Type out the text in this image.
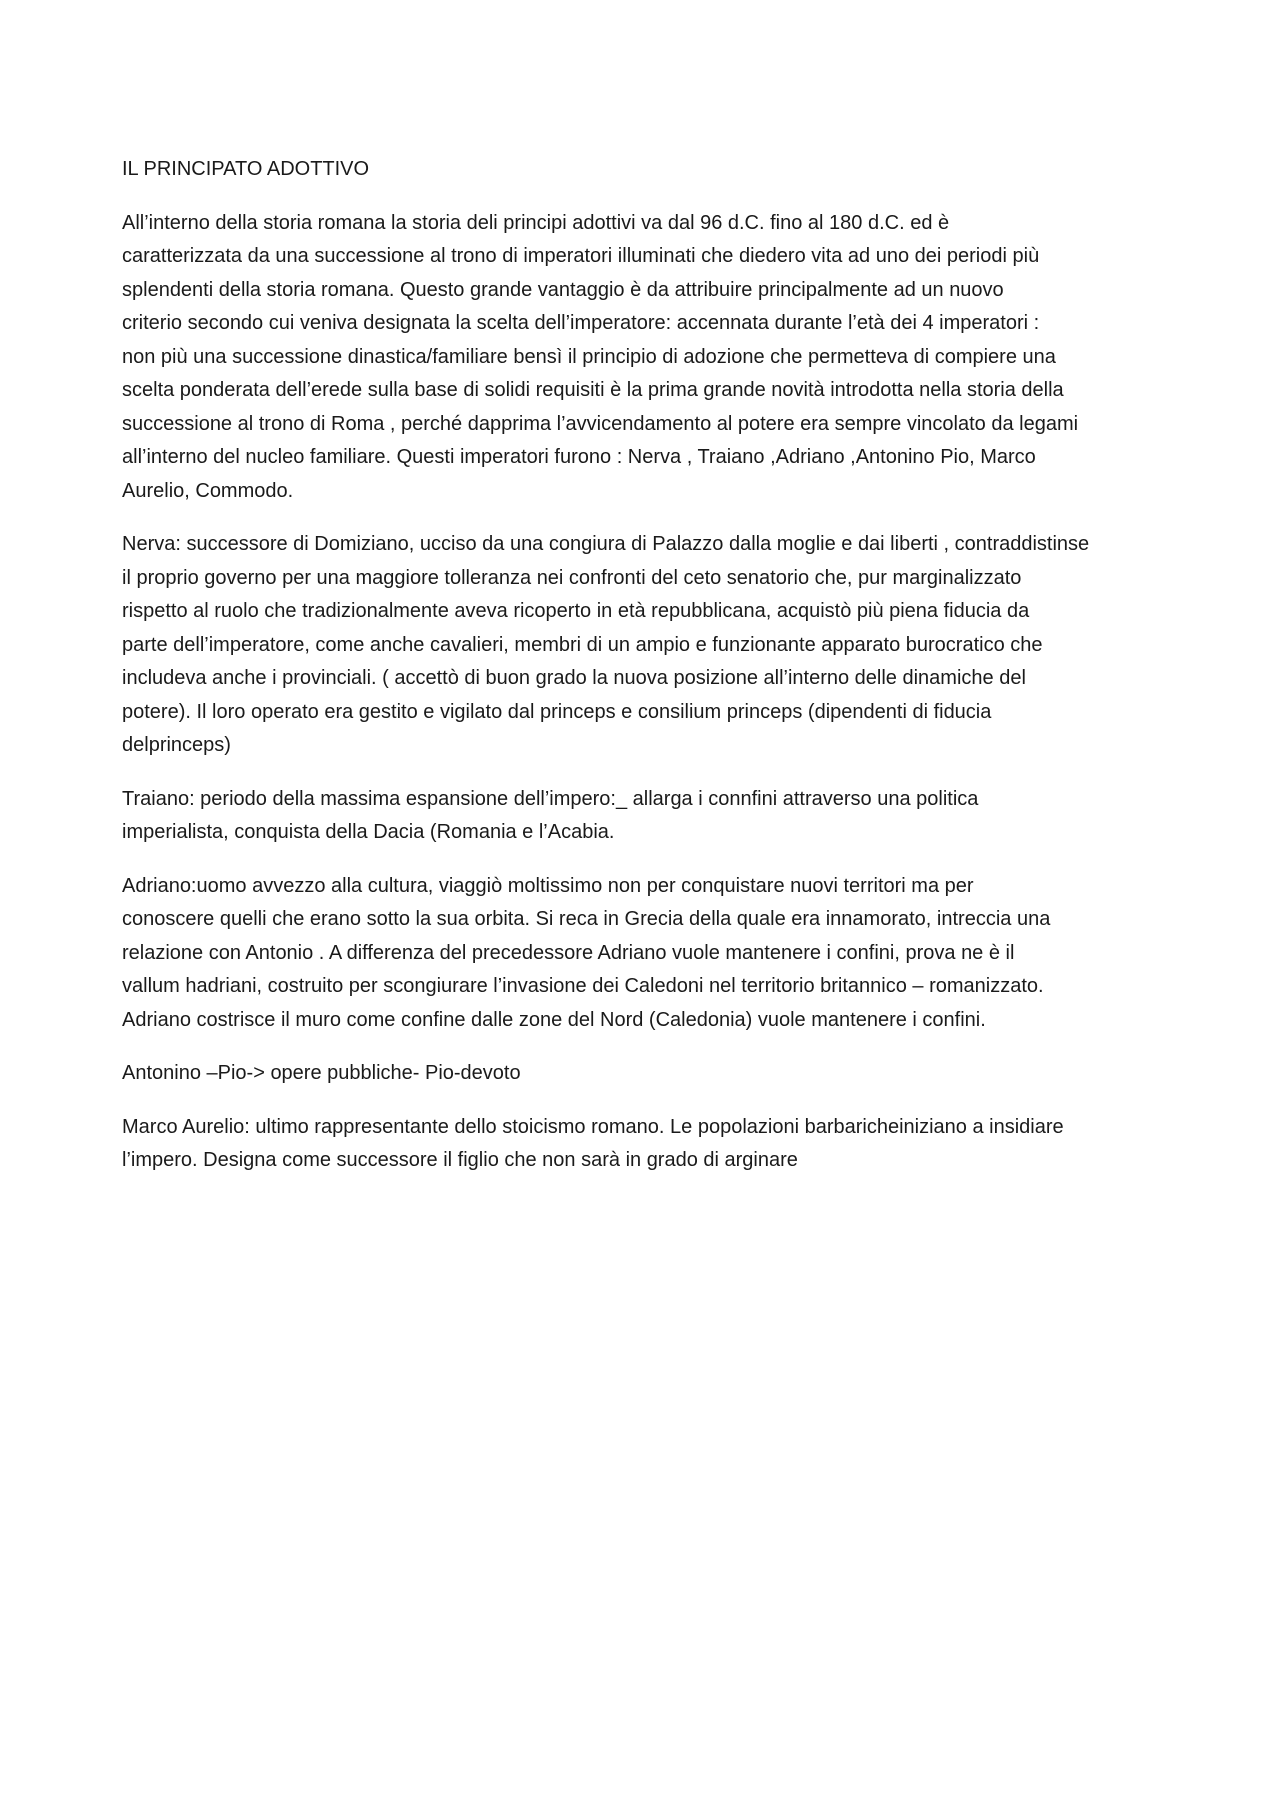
IL PRINCIPATO ADOTTIVO

All’interno della storia romana la storia deli principi adottivi va dal 96 d.C. fino al 180 d.C. ed è
caratterizzata da una successione al trono di imperatori illuminati che diedero vita ad uno dei periodi più
splendenti della storia romana. Questo grande vantaggio è da attribuire principalmente ad un nuovo
criterio secondo cui veniva designata la scelta dell’imperatore: accennata durante l’età dei 4 imperatori :
non più una successione dinastica/familiare bensì il principio di adozione che permetteva di compiere una
scelta ponderata dell’erede sulla base di solidi requisiti è la prima grande novità introdotta nella storia della
successione al trono di Roma , perché dapprima l’avvicendamento al potere era sempre vincolato da legami
all’interno del nucleo familiare. Questi imperatori furono : Nerva , Traiano ,Adriano ,Antonino Pio, Marco
Aurelio, Commodo.

Nerva: successore di Domiziano, ucciso da una congiura di Palazzo dalla moglie e dai liberti , contraddistinse
il proprio governo per una maggiore tolleranza nei confronti del ceto senatorio che, pur marginalizzato
rispetto al ruolo che tradizionalmente aveva ricoperto in età repubblicana, acquistò più piena fiducia da
parte dell’imperatore, come anche cavalieri, membri di un ampio e funzionante apparato burocratico che
includeva anche i provinciali. ( accettò di buon grado la nuova posizione all’interno delle dinamiche del
potere). Il loro operato era gestito e vigilato dal princeps e consilium princeps (dipendenti di fiducia
delprinceps)

Traiano: periodo della massima espansione dell’impero:_ allarga i connfini attraverso una politica
imperialista, conquista della Dacia (Romania e l’Acabia.

Adriano:uomo avvezzo alla cultura, viaggiò moltissimo non per conquistare nuovi territori ma per
conoscere quelli che erano sotto la sua orbita. Si reca in Grecia della quale era innamorato, intreccia una
relazione con Antonio . A differenza del precedessore Adriano vuole mantenere i confini, prova ne è il
vallum hadriani, costruito per scongiurare l’invasione dei Caledoni nel territorio britannico – romanizzato.
Adriano costrisce il muro come confine dalle zone del Nord (Caledonia) vuole mantenere i confini.

Antonino –Pio-> opere pubbliche- Pio-devoto

Marco Aurelio: ultimo rappresentante dello stoicismo romano. Le popolazioni barbaricheiniziano a insidiare
l’impero. Designa come successore il figlio che non sarà in grado di arginare
